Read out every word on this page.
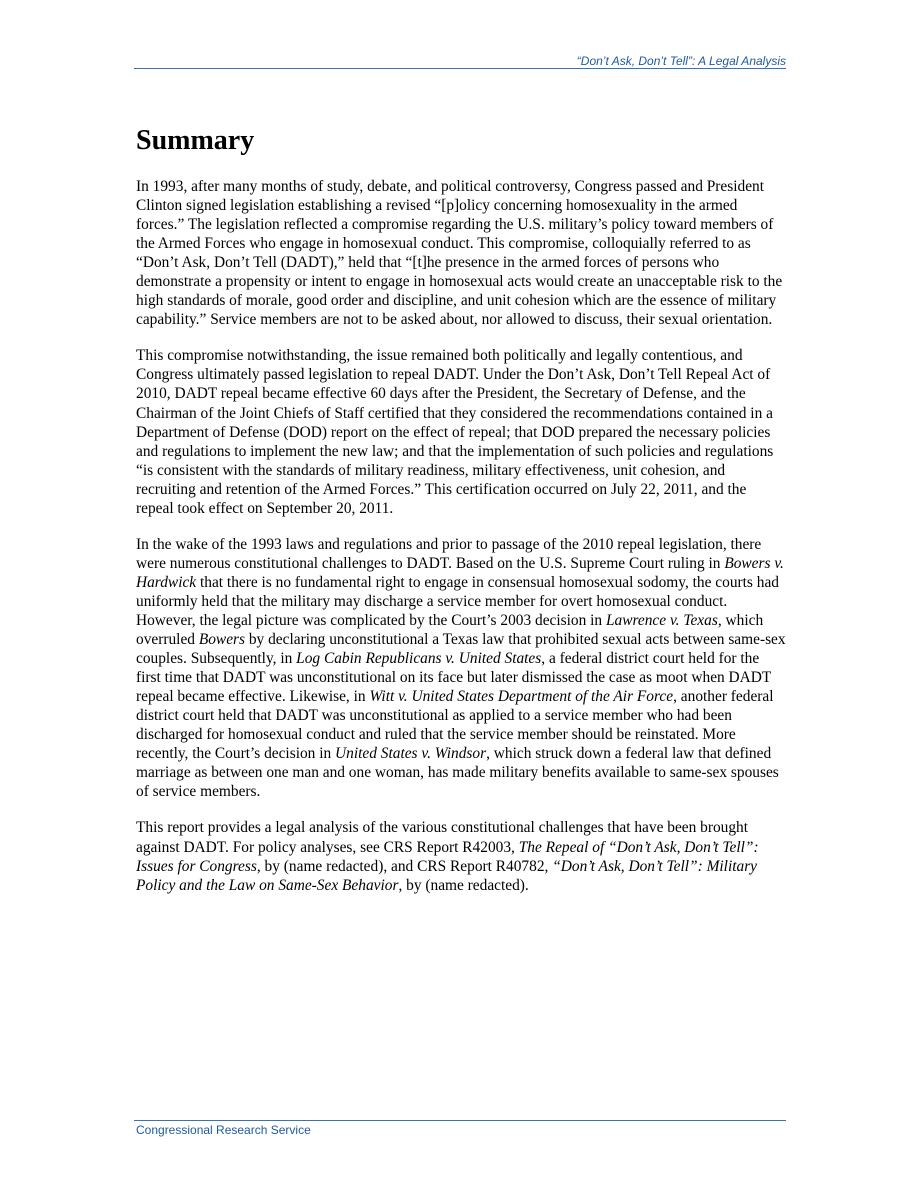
“Don’t Ask, Don’t Tell”: A Legal Analysis
Summary

In 1993, after many months of study, debate, and political controversy, Congress passed and President Clinton signed legislation establishing a revised “[p]olicy concerning homosexuality in the armed forces.” The legislation reflected a compromise regarding the U.S. military’s policy toward members of the Armed Forces who engage in homosexual conduct. This compromise, colloquially referred to as “Don’t Ask, Don’t Tell (DADT),” held that “[t]he presence in the armed forces of persons who demonstrate a propensity or intent to engage in homosexual acts would create an unacceptable risk to the high standards of morale, good order and discipline, and unit cohesion which are the essence of military capability.” Service members are not to be asked about, nor allowed to discuss, their sexual orientation.

This compromise notwithstanding, the issue remained both politically and legally contentious, and Congress ultimately passed legislation to repeal DADT. Under the Don’t Ask, Don’t Tell Repeal Act of 2010, DADT repeal became effective 60 days after the President, the Secretary of Defense, and the Chairman of the Joint Chiefs of Staff certified that they considered the recommendations contained in a Department of Defense (DOD) report on the effect of repeal; that DOD prepared the necessary policies and regulations to implement the new law; and that the implementation of such policies and regulations “is consistent with the standards of military readiness, military effectiveness, unit cohesion, and recruiting and retention of the Armed Forces.” This certification occurred on July 22, 2011, and the repeal took effect on September 20, 2011.

In the wake of the 1993 laws and regulations and prior to passage of the 2010 repeal legislation, there were numerous constitutional challenges to DADT. Based on the U.S. Supreme Court ruling in Bowers v. Hardwick that there is no fundamental right to engage in consensual homosexual sodomy, the courts had uniformly held that the military may discharge a service member for overt homosexual conduct. However, the legal picture was complicated by the Court’s 2003 decision in Lawrence v. Texas, which overruled Bowers by declaring unconstitutional a Texas law that prohibited sexual acts between same-sex couples. Subsequently, in Log Cabin Republicans v. United States, a federal district court held for the first time that DADT was unconstitutional on its face but later dismissed the case as moot when DADT repeal became effective. Likewise, in Witt v. United States Department of the Air Force, another federal district court held that DADT was unconstitutional as applied to a service member who had been discharged for homosexual conduct and ruled that the service member should be reinstated. More recently, the Court’s decision in United States v. Windsor, which struck down a federal law that defined marriage as between one man and one woman, has made military benefits available to same-sex spouses of service members.

This report provides a legal analysis of the various constitutional challenges that have been brought against DADT. For policy analyses, see CRS Report R42003, The Repeal of “Don’t Ask, Don’t Tell”: Issues for Congress, by (name redacted), and CRS Report R40782, “Don’t Ask, Don’t Tell”: Military Policy and the Law on Same-Sex Behavior, by (name redacted).

Congressional Research Service
